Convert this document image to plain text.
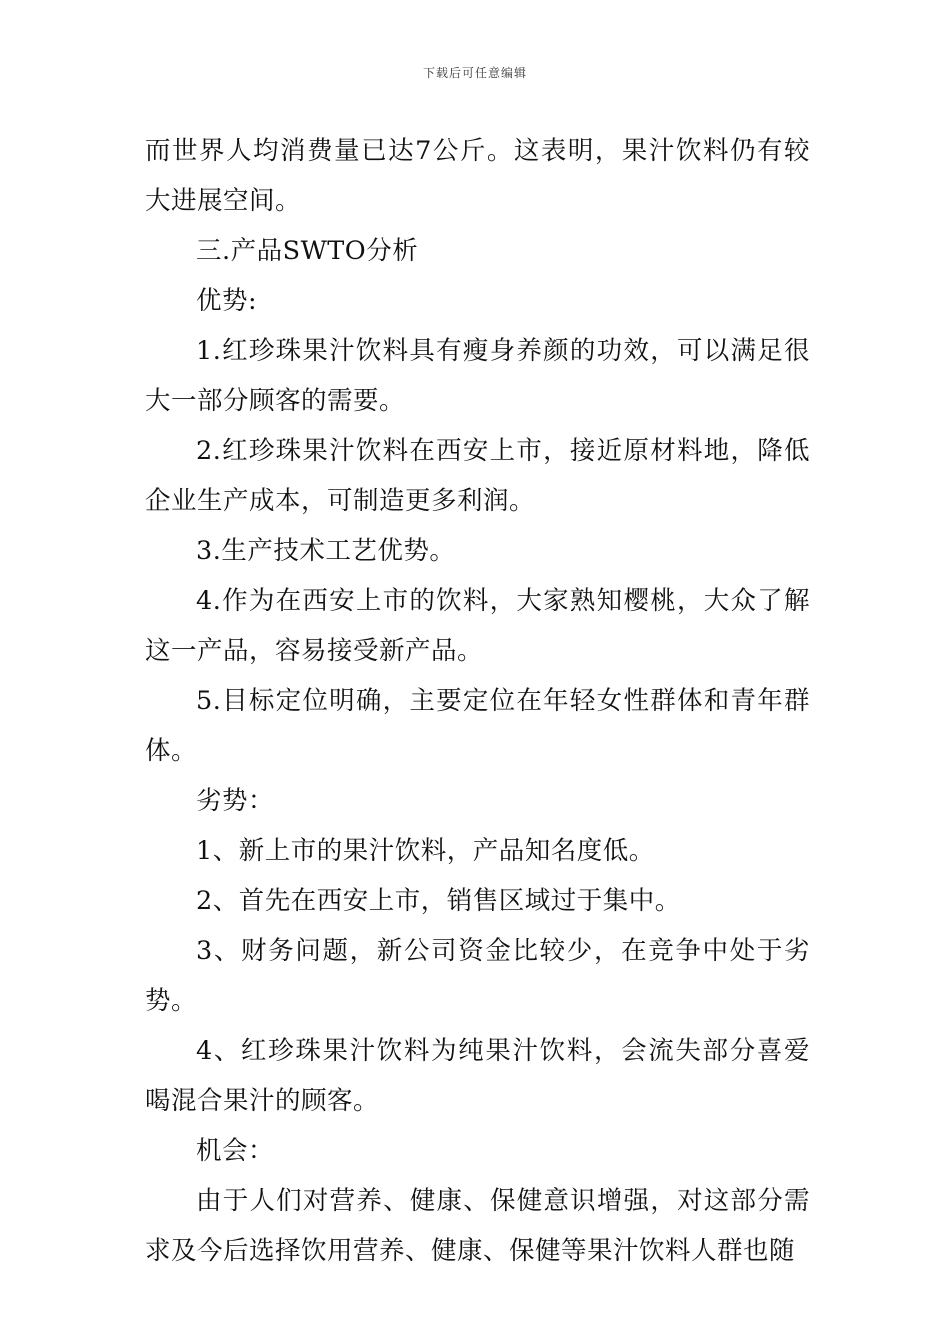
下载后可任意编辑

而世界人均消费量已达7公斤。这表明，果汁饮料仍有较大进展空间。

三.产品SWTO分析

优势:

1.红珍珠果汁饮料具有瘦身养颜的功效，可以满足很大一部分顾客的需要。

2.红珍珠果汁饮料在西安上市，接近原材料地，降低企业生产成本，可制造更多利润。

3.生产技术工艺优势。

4.作为在西安上市的饮料，大家熟知樱桃，大众了解这一产品，容易接受新产品。

5.目标定位明确，主要定位在年轻女性群体和青年群体。

劣势：

1、新上市的果汁饮料，产品知名度低。

2、首先在西安上市，销售区域过于集中。

3、财务问题，新公司资金比较少，在竞争中处于劣势。

4、红珍珠果汁饮料为纯果汁饮料，会流失部分喜爱喝混合果汁的顾客。

机会：

由于人们对营养、健康、保健意识增强，对这部分需求及今后选择饮用营养、健康、保健等果汁饮料人群也随
